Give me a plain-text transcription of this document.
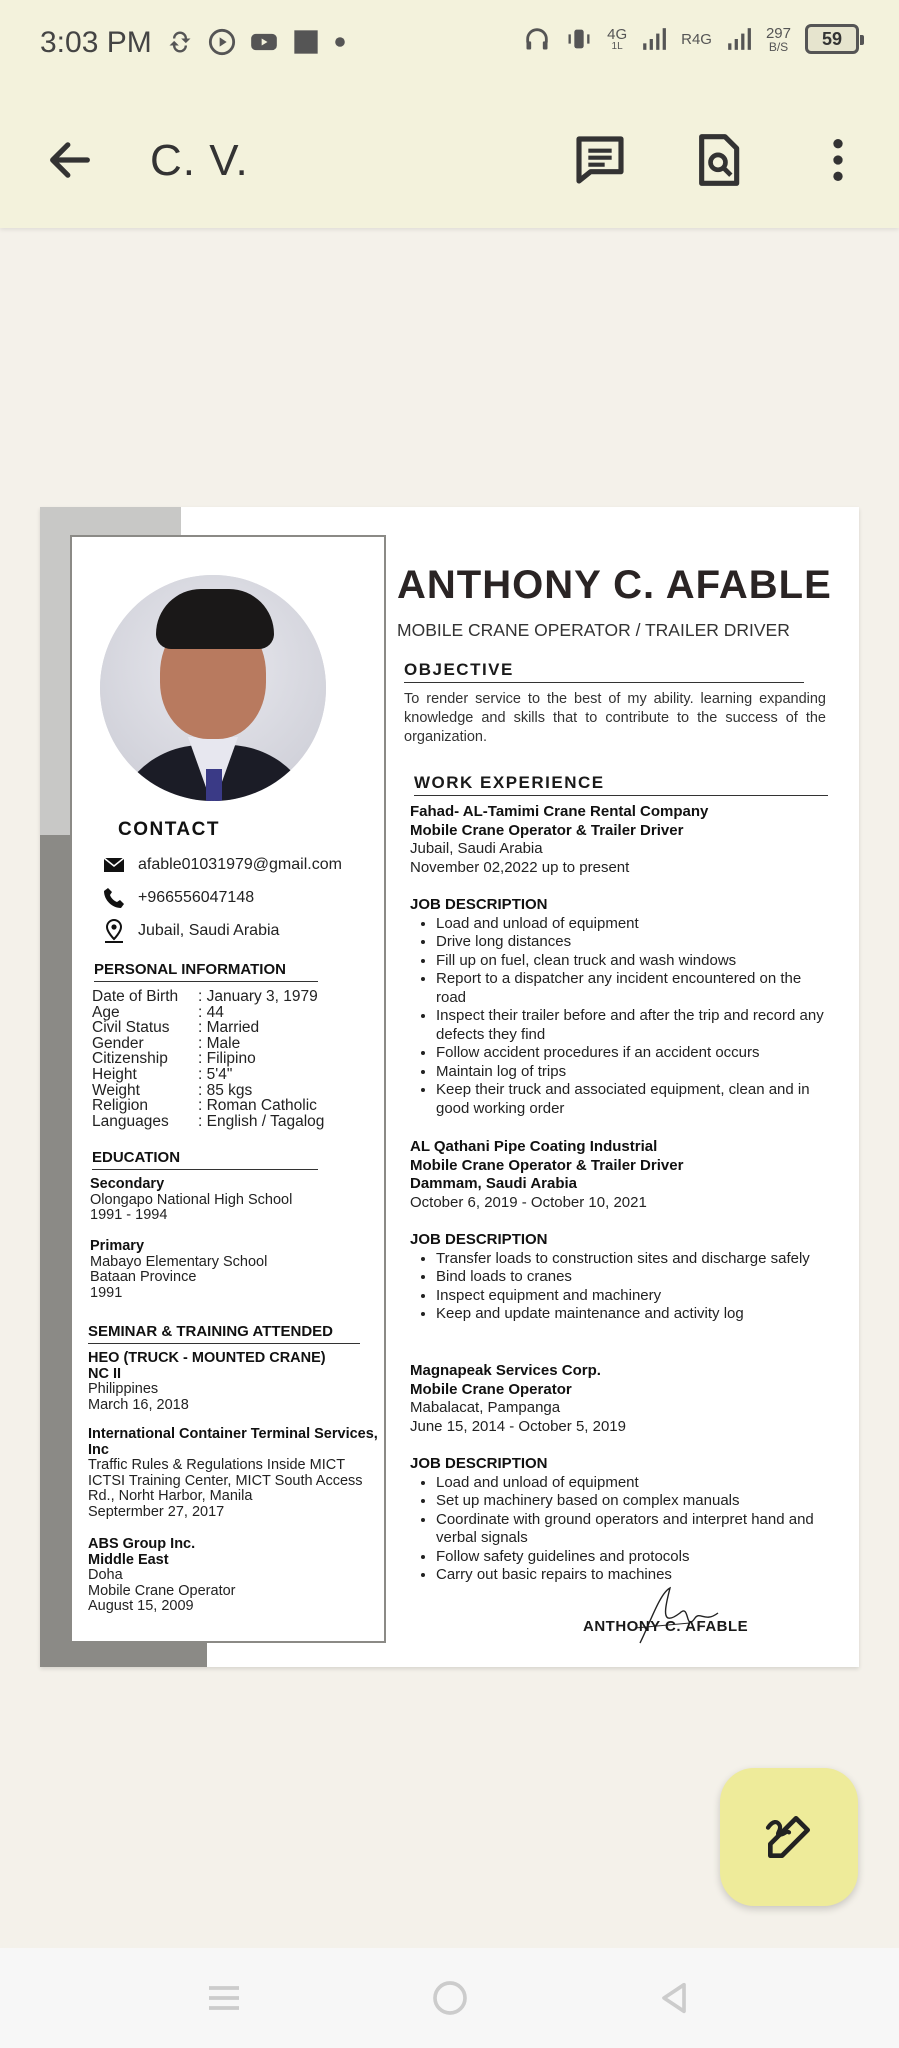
3:03 PM	4G
1L	R4G	297
B/S 59
C. V.
CONTACT
afable01031979@gmail.com
+966556047148
Jubail, Saudi Arabia
PERSONAL INFORMATION
Date of Birth : January 3, 1979
Age	: 44
Civil Status : Married
Gender	: Male
Citizenship : Filipino
Height	: 5'4"
Weight	: 85 kgs
Religion	: Roman Catholic
Languages : English / Tagalog
EDUCATION
Secondary
Olongapo National High School
1991 - 1994
Primary
Mabayo Elementary School
Bataan Province
1991
SEMINAR & TRAINING ATTENDED
HEO (TRUCK - MOUNTED CRANE)
NC II
Philippines
March 16, 2018
International Container Terminal Services,
Inc
Traffic Rules & Regulations Inside MICT
ICTSI Training Center, MICT South Access
Rd., Norht Harbor, Manila
Septermber 27, 2017
ABS Group Inc.
Middle East
Doha
Mobile Crane Operator
August 15, 2009
ANTHONY C. AFABLE
MOBILE CRANE OPERATOR / TRAILER DRIVER
OBJECTIVE
To render service to the best of my ability. learning expanding knowledge and skills that to contribute to the success of the organization.
WORK EXPERIENCE
Fahad- AL-Tamimi Crane Rental Company
Mobile Crane Operator & Trailer Driver
Jubail, Saudi Arabia
November 02,2022 up to present
JOB DESCRIPTION
• Load and unload of equipment
• Drive long distances
• Fill up on fuel, clean truck and wash windows
• Report to a dispatcher any incident encountered on the road
• Inspect their trailer before and after the trip and record any defects they find
• Follow accident procedures if an accident occurs
• Maintain log of trips
• Keep their truck and associated equipment, clean and in good working order
AL Qathani Pipe Coating Industrial
Mobile Crane Operator & Trailer Driver
Dammam, Saudi Arabia
October 6, 2019 - October 10, 2021
JOB DESCRIPTION
• Transfer loads to construction sites and discharge safely
• Bind loads to cranes
• Inspect equipment and machinery
• Keep and update maintenance and activity log
Magnapeak Services Corp.
Mobile Crane Operator
Mabalacat, Pampanga
June 15, 2014 - October 5, 2019
JOB DESCRIPTION
• Load and unload of equipment
• Set up machinery based on complex manuals
• Coordinate with ground operators and interpret hand and verbal signals
• Follow safety guidelines and protocols
• Carry out basic repairs to machines
ANTHONY C. AFABLE
